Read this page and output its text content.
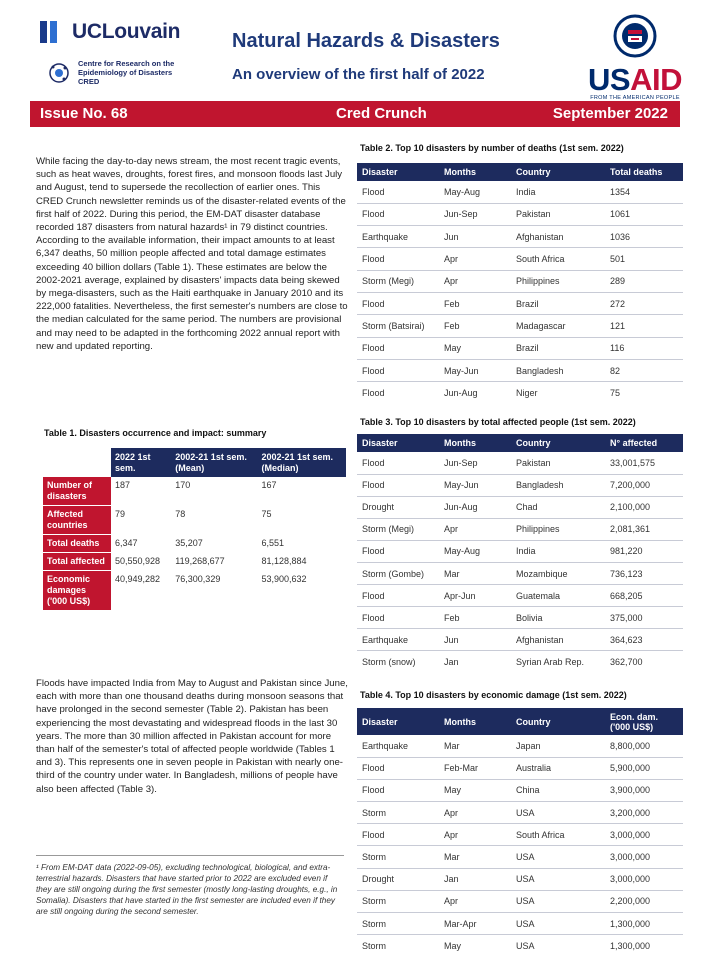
UCLouvain
Centre for Research on the
Epidemiology of Disasters
CRED
Natural Hazards & Disasters
An overview of the first half of 2022	USAID
FROM THE AMERICAN PEOPLE
Issue No. 68	Cred Crunch	September 2022

While facing the day-to-day news stream, the most recent tragic events, such as heat waves, droughts, forest fires, and monsoon floods last July and August, tend to supersede the recollection of earlier ones. This CRED Crunch newsletter reminds us of the disaster-related events of the first half of 2022. During this period, the EM-DAT disaster database recorded 187 disasters from natural hazards¹ in 79 distinct countries. According to the available information, their impact amounts to at least 6,347 deaths, 50 million people affected and total damage estimates exceeding 40 billion dollars (Table 1). These estimates are below the 2002-2021 average, explained by disasters' impacts data being skewed by mega-disasters, such as the Haiti earthquake in January 2010 and its 222,000 fatalities. Nevertheless, the first semester's numbers are close to the median calculated for the same period. The numbers are provisional and may need to be adapted in the forthcoming 2022 annual report with new and updated reporting.

Table 1. Disasters occurrence and impact: summary
	2022 1st sem.	2002-21 1st sem. (Mean)	2002-21 1st sem. (Median)
Number of disasters	187	170	167
Affected countries	79	78	75
Total deaths	6,347	35,207	6,551
Total affected	50,550,928	119,268,677	81,128,884
Economic damages ('000 US$)	40,949,282	76,300,329	53,900,632

Floods have impacted India from May to August and Pakistan since June, each with more than one thousand deaths during monsoon seasons that have prolonged in the second semester (Table 2). Pakistan has been experiencing the most devastating and widespread floods in the last 30 years. The more than 30 million affected in Pakistan account for more than half of the semester's total of affected people worldwide (Tables 1 and 3). This represents one in seven people in Pakistan with nearly one-third of the country under water. In Bangladesh, millions of people have also been affected (Table 3).

¹ From EM-DAT data (2022-09-05), excluding technological, biological, and extra-terrestrial hazards. Disasters that have started prior to 2022 are excluded even if they are still ongoing during the first semester (mostly long-lasting droughts, e.g., in Somalia). Disasters that have started in the first semester are included even if they are still ongoing during the second semester.

Table 2. Top 10 disasters by number of deaths (1st sem. 2022)
Disaster	Months	Country	Total deaths
Flood	May-Aug	India	1354
Flood	Jun-Sep	Pakistan	1061
Earthquake	Jun	Afghanistan	1036
Flood	Apr	South Africa	501
Storm (Megi)	Apr	Philippines	289
Flood	Feb	Brazil	272
Storm (Batsirai)	Feb	Madagascar	121
Flood	May	Brazil	116
Flood	May-Jun	Bangladesh	82
Flood	Jun-Aug	Niger	75
Table 3. Top 10 disasters by total affected people (1st sem. 2022)
Disaster	Months	Country	N° affected
Flood	Jun-Sep	Pakistan	33,001,575
Flood	May-Jun	Bangladesh	7,200,000
Drought	Jun-Aug	Chad	2,100,000
Storm (Megi)	Apr	Philippines	2,081,361
Flood	May-Aug	India	981,220
Storm (Gombe)	Mar	Mozambique	736,123
Flood	Apr-Jun	Guatemala	668,205
Flood	Feb	Bolivia	375,000
Earthquake	Jun	Afghanistan	364,623
Storm (snow)	Jan	Syrian Arab Rep.	362,700
Table 4. Top 10 disasters by economic damage (1st sem. 2022)
Disaster	Months	Country	Econ. dam. ('000 US$)
Earthquake	Mar	Japan	8,800,000
Flood	Feb-Mar	Australia	5,900,000
Flood	May	China	3,900,000
Storm	Apr	USA	3,200,000
Flood	Apr	South Africa	3,000,000
Storm	Mar	USA	3,000,000
Drought	Jan	USA	3,000,000
Storm	Apr	USA	2,200,000
Storm	Mar-Apr	USA	1,300,000
Storm	May	USA	1,300,000
